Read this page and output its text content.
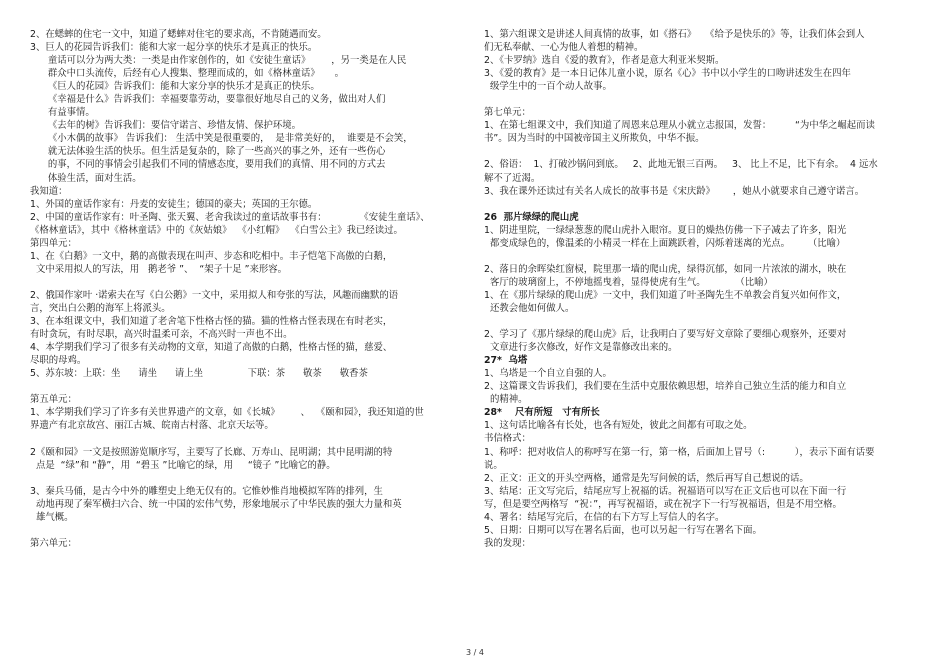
2、在蟋蟀的住宅一文中，知道了蟋蟀对住宅的要求高，不肯随遇而安。
3、巨人的花园告诉我们：能和大家一起分享的快乐才是真正的快乐。
童话可以分为两大类：一类是由作家创作的，如《安徒生童话》       ，另一类是在人民
群众中口头流传，后经有心人搜集、整理而成的，如《格林童话》     。
《巨人的花园》告诉我们：能和大家分享的快乐才是真正的快乐。
《幸福是什么》告诉我们：幸福要靠劳动，要靠很好地尽自己的义务，做出对人们
有益事情。
《去年的树》告诉我们：要信守诺言、珍惜友情、保护环境。
《小木偶的故事》 告诉我们： 生活中笑是很重要的，  是非常美好的，  谁要是不会笑，
就无法体验生活的快乐。但生活是复杂的，除了一些高兴的事之外，还有一些伤心
的事，不同的事情会引起我们不同的情感态度，要用我们的真情、用不同的方式去
体验生活，面对生活。
我知道：
1、外国的童话作家有：丹麦的安徒生；德国的豪夫；英国的王尔德。
2、中国的童话作家有：叶圣陶、张天翼、老舍我读过的童话故事书有：           《安徒生童话》、
《格林童话》，其中《格林童话》中的《灰姑娘》  《小红帽》  《白雪公主》我已经读过。
第四单元：
1、在《白鹅》一文中，鹅的高傲表现在叫声、步态和吃相中。丰子恺笔下高傲的白鹅，
文中采用拟人的写法，用   鹅老爷 ”、  “架子十足 ”来形容。
2、俄国作家叶 ·诺索夫在写《白公鹅》一文中，采用拟人和夸张的写法，风趣而幽默的语
言，突出白公鹅的海军上将派头。
3、在本组课文中，我们知道了老舍笔下性格古怪的猫。猫的性格古怪表现在有时老实，
有时贪玩，有时尽职，高兴时温柔可亲，不高兴时一声也不出。
4、本学期我们学习了很多有关动物的文章，知道了高傲的白鹅，性格古怪的猫，慈爱、
尽职的母鸡。
5、苏东坡：上联：坐      请坐      请上坐               下联：茶      敬茶      敬香茶
第五单元：
1、本学期我们学习了许多有关世界遗产的文章，如《长城》       、  《颐和园》，我还知道的世
界遗产有北京故宫、丽江古城、皖南古村落、北京天坛等。
2《颐和园》一文是按照游览顺序写，主要写了长廊、万寿山、昆明湖；其中昆明湖的特
点是  “绿”和 “静”，用  “碧玉 ”比喻它的绿，用     “镜子 ”比喻它的静。
3、秦兵马俑，是古今中外的雕塑史上绝无仅有的。它惟妙惟肖地模拟军阵的排列，生
动地再现了秦军横扫六合、统一中国的宏伟气势，形象地展示了中华民族的强大力量和英
雄气概。
第六单元：
1、第六组课文是讲述人间真情的故事，如《搭石》   《给予是快乐的》等，让我们体会到人
们无私奉献、一心为他人着想的精神。
2、《卡罗纳》选自《爱的教育》，作者是意大利亚米契斯。
3、《爱的教育》是一本日记体儿童小说，原名《心》书中以小学生的口吻讲述发生在四年
级学生中的一百个动人故事。
第七单元：
1、在第七组课文中，我们知道了周恩来总理从小就立志报国，发誓：        “为中华之崛起而读
书”。因为当时的中国被帝国主义所欺负，中华不振。
2、俗语：  1、打破沙锅问到底。   2、此地无银三百两。   3、 比上不足，比下有余。  4 远水
解不了近渴。
3、我在课外还读过有关名人成长的故事书是《宋庆龄》      ，她从小就要求自己遵守诺言。
26  那片绿绿的爬山虎
1、阴进里院，一绿绿葱葱的爬山虎扑入眼帘。夏日的燥热仿佛一下子减去了许多，阳光
都变成绿色的，像温柔的小精灵一样在上面跳跃着，闪烁着迷离的光点。      （比喻）
2、落日的余晖染红窗棂，院里那一墙的爬山虎，绿得沉郁，如同一片浓浓的湖水，映在
客厅的玻璃窗上，不停地摇曳着，显得使虎有生气。          （比喻）
1、在《那片绿绿的爬山虎》一文中，我们知道了叶圣陶先生不单教会肖复兴如何作文，
还教会他如何做人。
2、学习了《那片绿绿的爬山虎》后，让我明白了要写好文章除了要细心观察外，还要对
文章进行多次修改，好作文是靠修改出来的。
27*  乌塔
1、乌塔是一个自立自强的人。
2、这篇课文告诉我们，我们要在生活中克服依赖思想，培养自己独立生活的能力和自立
的精神。
28*    尺有所短   寸有所长
1、这句话比喻各有长处，也各有短处，彼此之间都有可取之处。
书信格式：
1、称呼：把对收信人的称呼写在第一行，第一格，后面加上冒号（:          ），表示下面有话要
说。
2、正文：正文的开头空两格，通常是先写问候的话，然后再写自己想说的话。
3、结尾：正文写完后，结尾应写上祝福的话。祝福语可以写在正文后也可以在下面一行
写，但是要空两格写  “祝：”，再写祝福语，或在祝字下一行写祝福语，但是不用空格。
4、署名：结尾写完后，在信的右下方写上写信人的名字。
5、日期：日期可以写在署名后面，也可以另起一行写在署名下面。
我的发现：
3 / 4
